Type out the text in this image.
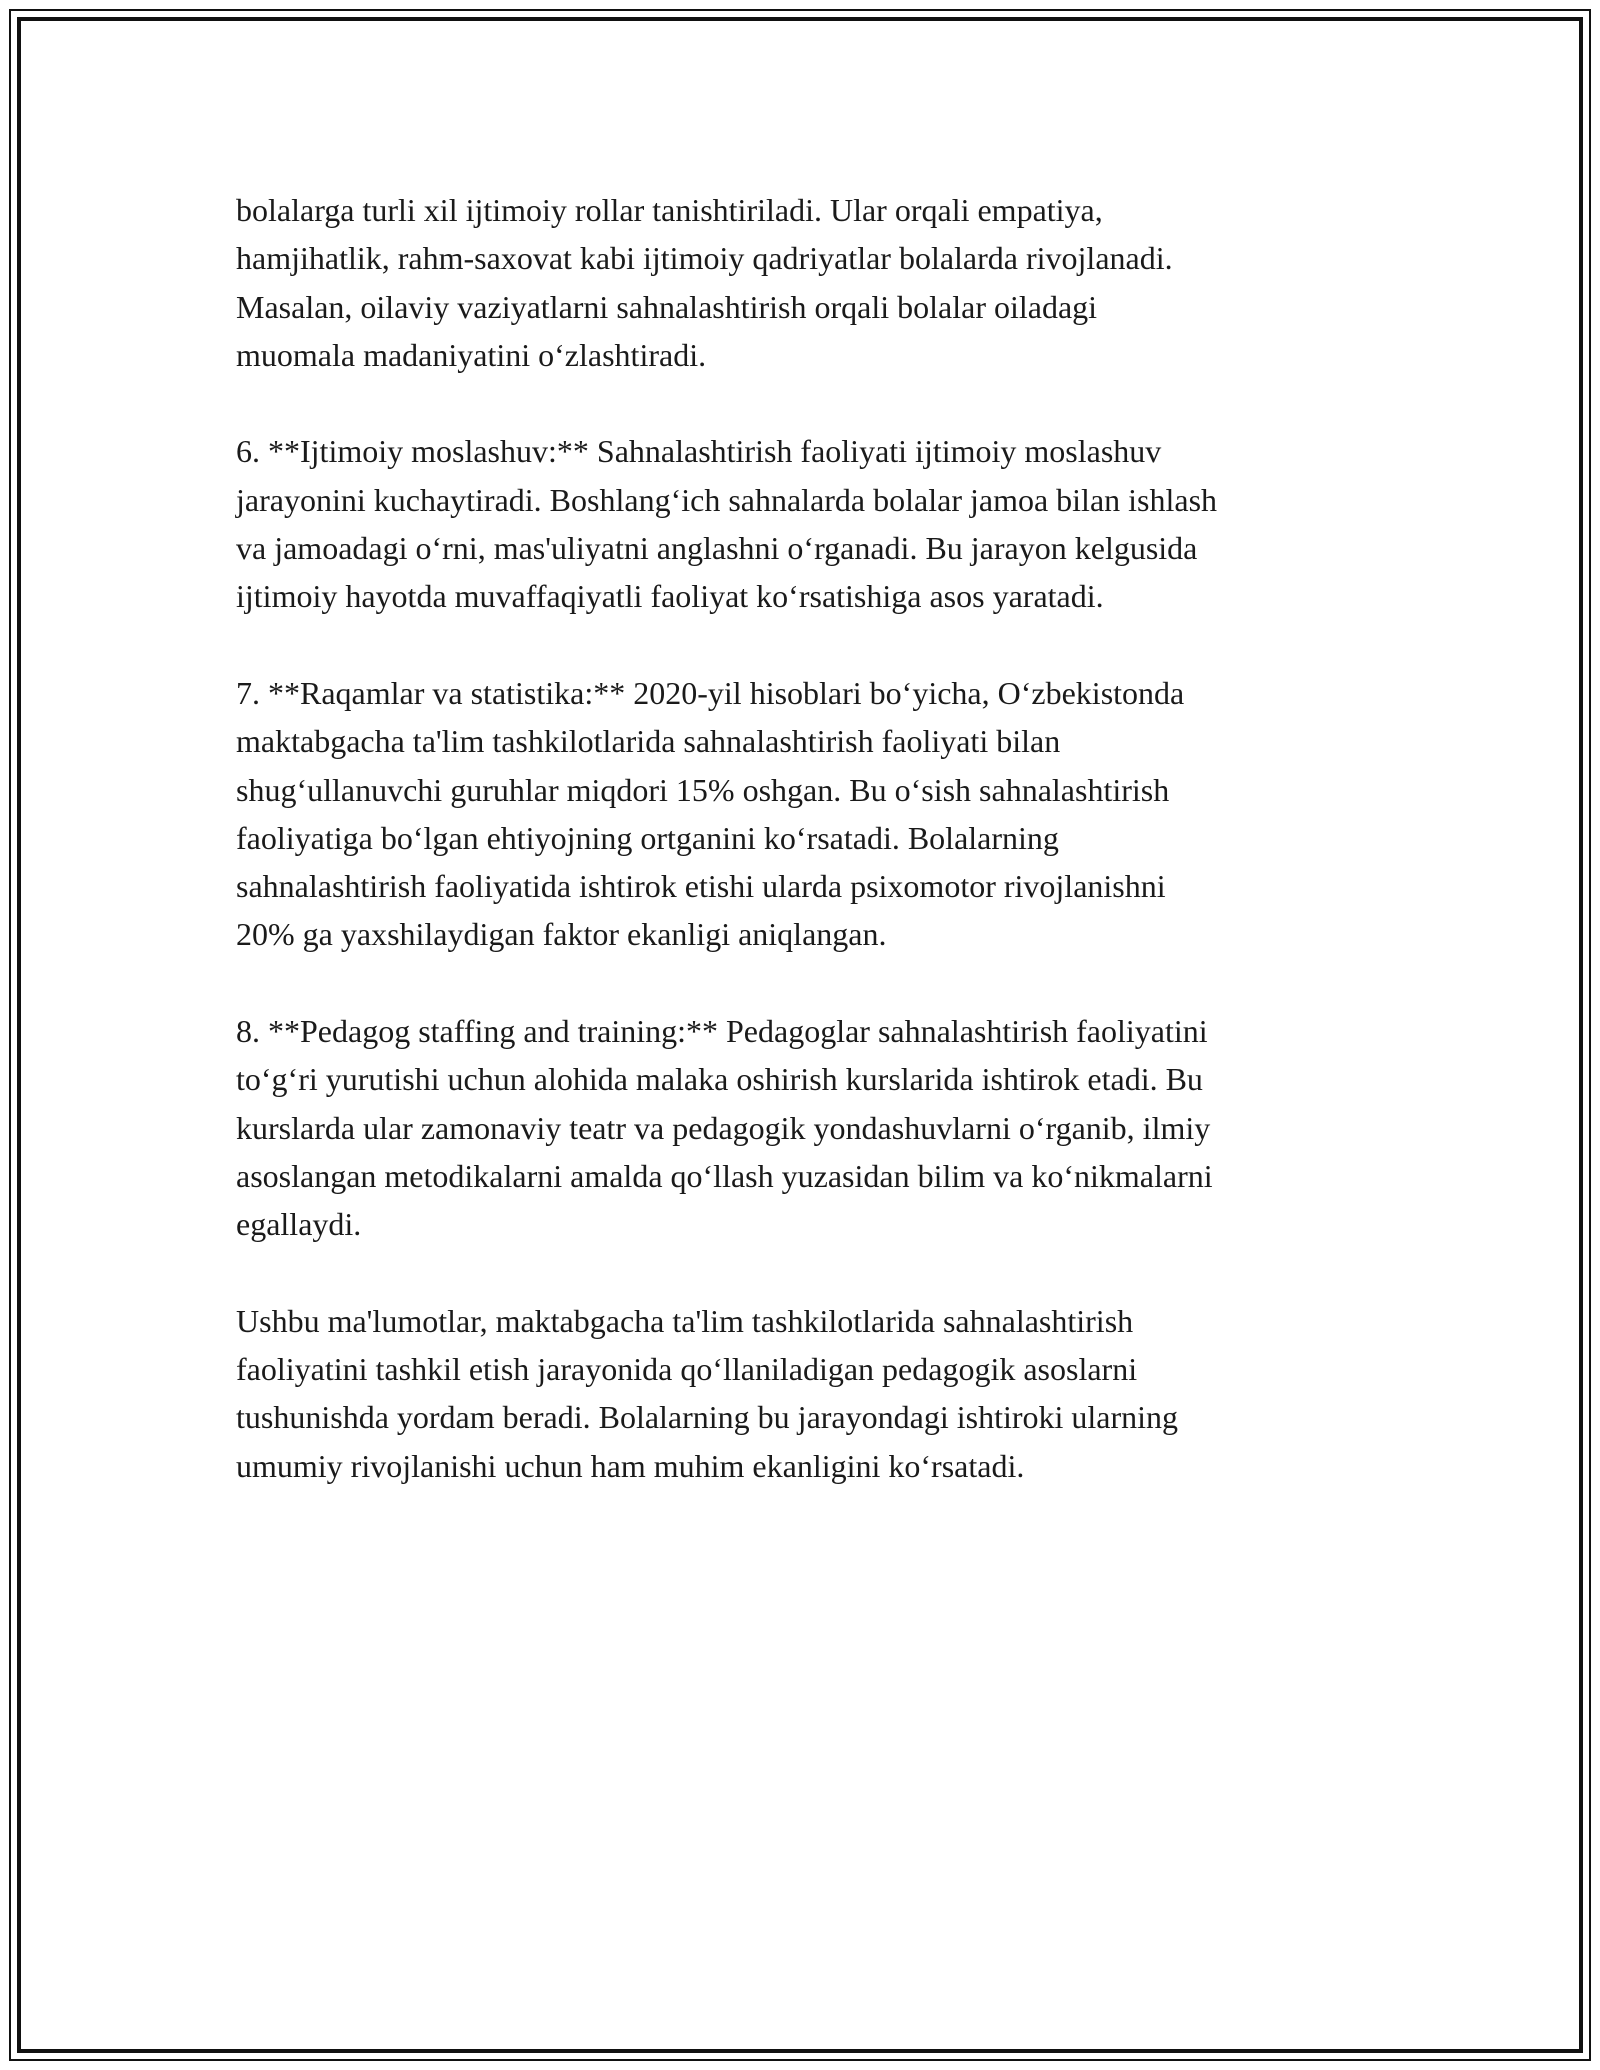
bolalarga turli xil ijtimoiy rollar tanishtiriladi. Ular orqali empatiya,
hamjihatlik, rahm-saxovat kabi ijtimoiy qadriyatlar bolalarda rivojlanadi.
Masalan, oilaviy vaziyatlarni sahnalashtirish orqali bolalar oiladagi
muomala madaniyatini o‘zlashtiradi.

6. **Ijtimoiy moslashuv:** Sahnalashtirish faoliyati ijtimoiy moslashuv
jarayonini kuchaytiradi. Boshlang‘ich sahnalarda bolalar jamoa bilan ishlash
va jamoadagi o‘rni, mas'uliyatni anglashni o‘rganadi. Bu jarayon kelgusida
ijtimoiy hayotda muvaffaqiyatli faoliyat ko‘rsatishiga asos yaratadi.

7. **Raqamlar va statistika:** 2020-yil hisoblari bo‘yicha, O‘zbekistonda
maktabgacha ta'lim tashkilotlarida sahnalashtirish faoliyati bilan
shug‘ullanuvchi guruhlar miqdori 15% oshgan. Bu o‘sish sahnalashtirish
faoliyatiga bo‘lgan ehtiyojning ortganini ko‘rsatadi. Bolalarning
sahnalashtirish faoliyatida ishtirok etishi ularda psixomotor rivojlanishni
20% ga yaxshilaydigan faktor ekanligi aniqlangan.

8. **Pedagog staffing and training:** Pedagoglar sahnalashtirish faoliyatini
to‘g‘ri yurutishi uchun alohida malaka oshirish kurslarida ishtirok etadi. Bu
kurslarda ular zamonaviy teatr va pedagogik yondashuvlarni o‘rganib, ilmiy
asoslangan metodikalarni amalda qo‘llash yuzasidan bilim va ko‘nikmalarni
egallaydi.

Ushbu ma'lumotlar, maktabgacha ta'lim tashkilotlarida sahnalashtirish
faoliyatini tashkil etish jarayonida qo‘llaniladigan pedagogik asoslarni
tushunishda yordam beradi. Bolalarning bu jarayondagi ishtiroki ularning
umumiy rivojlanishi uchun ham muhim ekanligini ko‘rsatadi.
